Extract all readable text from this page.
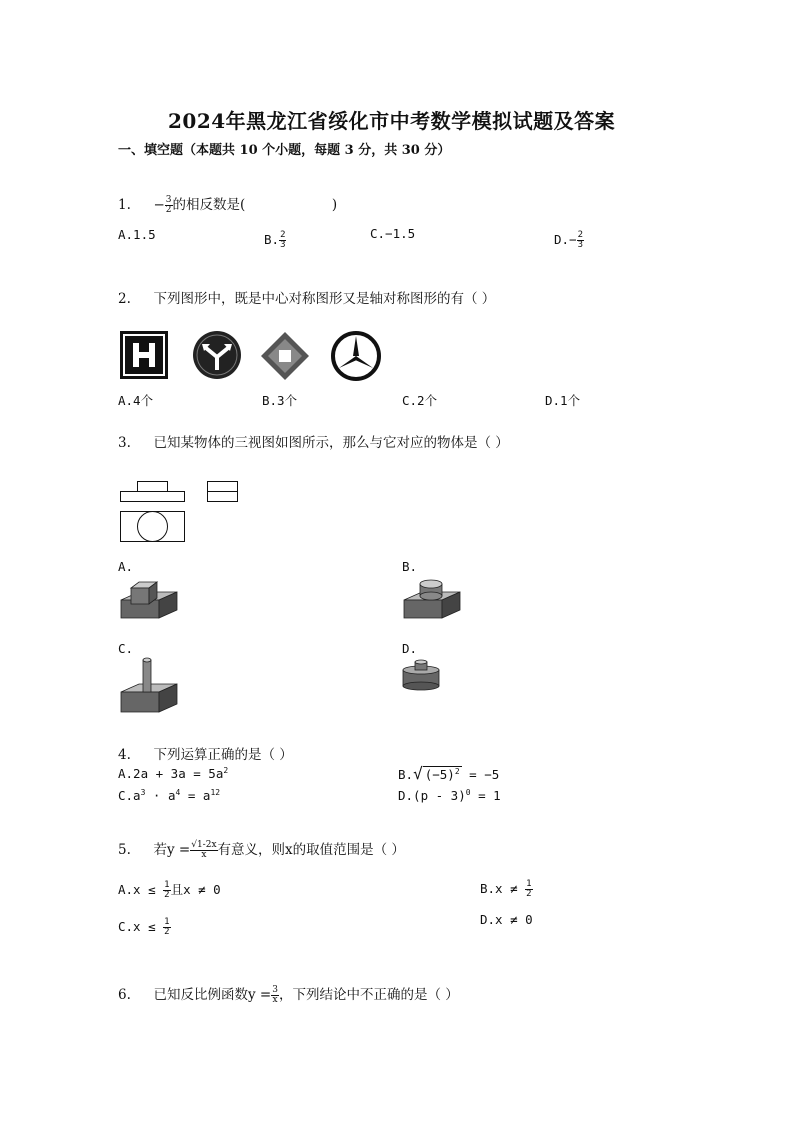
2024年黑龙江省绥化市中考数学模拟试题及答案
一、填空题（本题共 10 个小题，每题 3 分，共 30 分）
1. − $\frac{3}{2}$ 的相反数是(	)
A.1.5	B. $\frac{2}{3}$	C.−1.5	$D.- \frac{2}{3}$
2. 下列图形中，既是中心对称图形又是轴对称图形的有（ ）
A.4个	B.3个	C.2个	D.1个
3. 已知某物体的三视图如图所示，那么与它对应的物体是（ ）
A.	B.
C.	D.
4. 下列运算正确的是（ ）
$A.2a + 3a = 5a^2$	B.√ $(-5)^2 = -5$
$C.a^3 \cdot a^4 = a^{12}$	D.(p - 3)$^0$ = 1
5. 若$y = \frac{√1-2x}{x}$ 有意义，则x的取值范围是（ ）
$A.x \le \frac{1}{2}$ 且x ≠ 0	$B.x \ne \frac{1}{2}$
$C.x \le \frac{1}{2}$	D.x ≠ 0
6. 已知反比例函数$y = \frac{3}{x}$ ，下列结论中不正确的是（ ）
